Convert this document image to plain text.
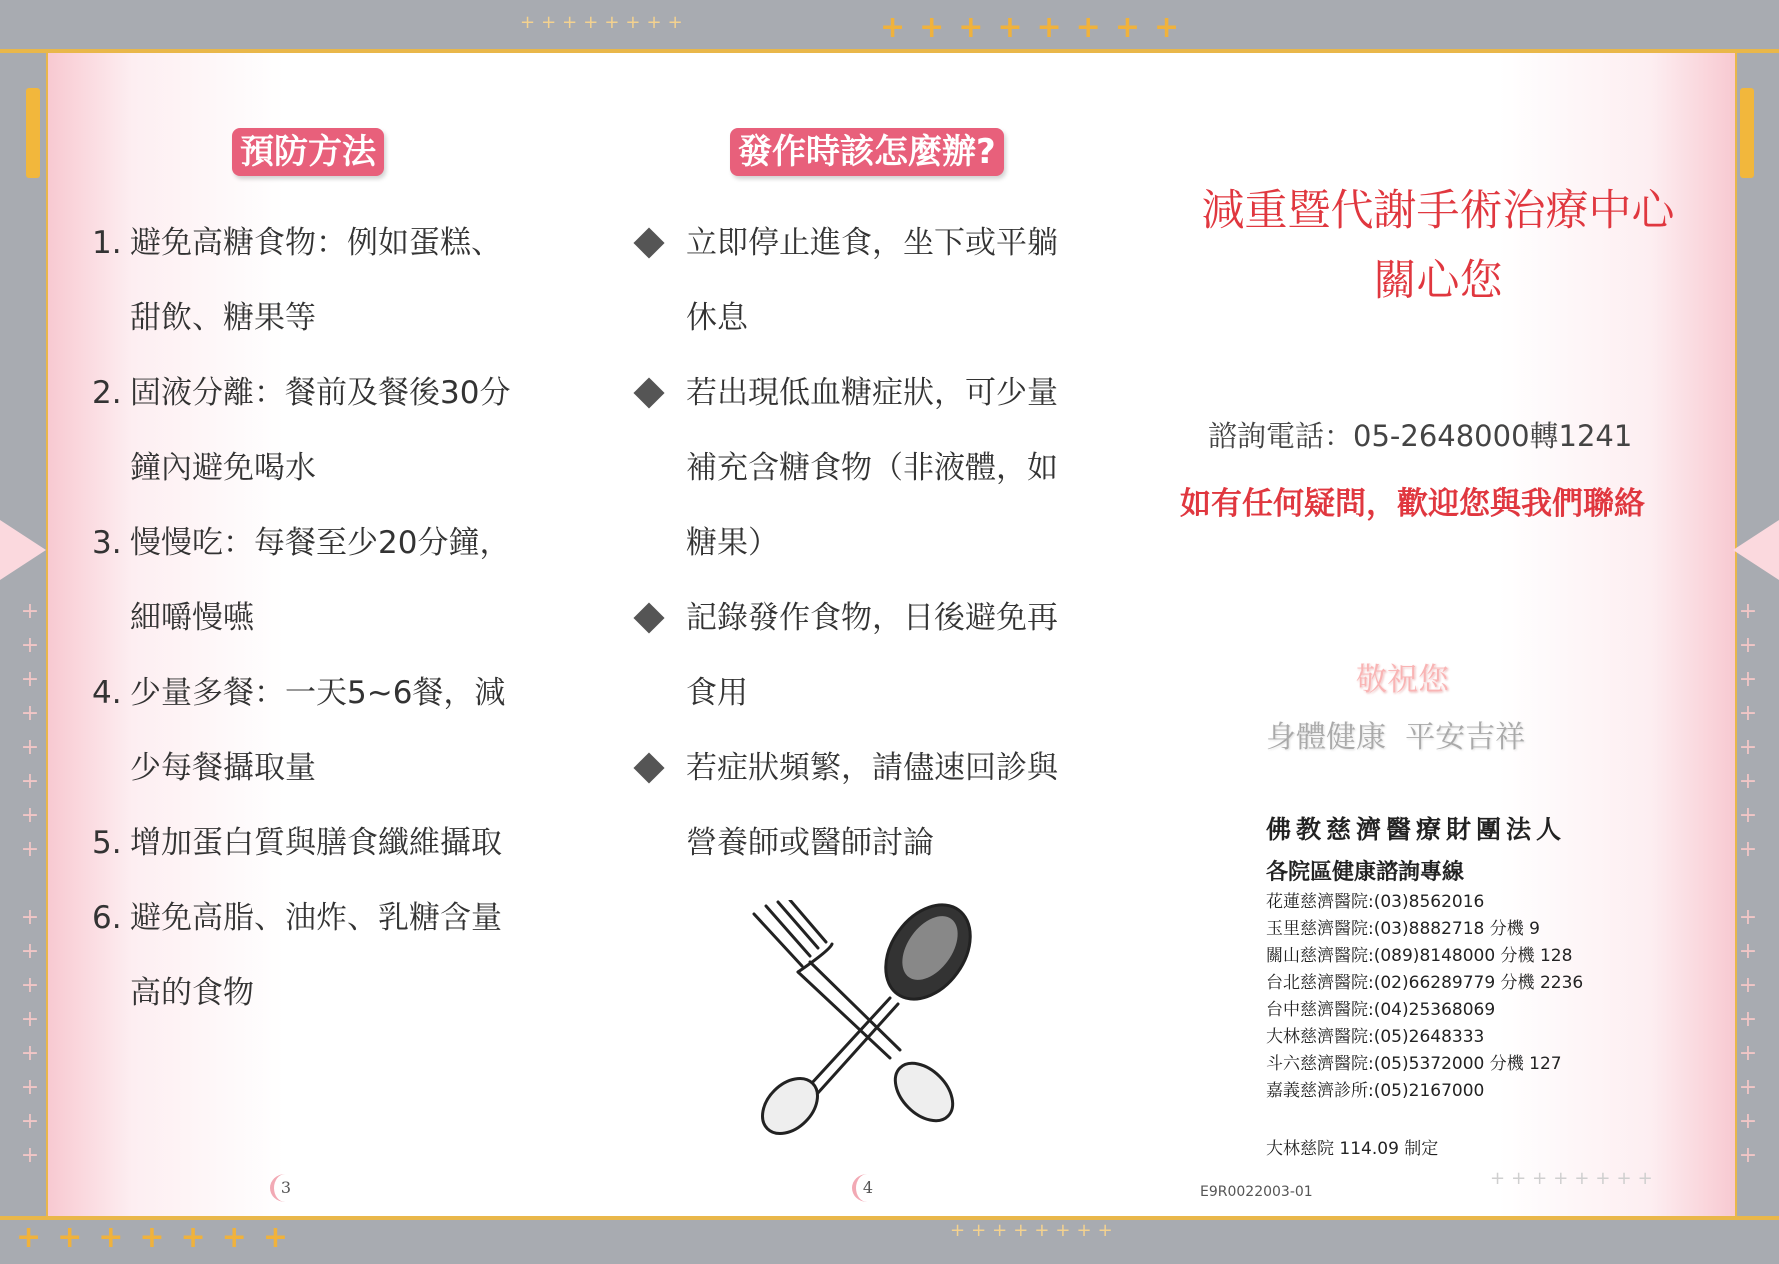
++++++++	++++++++
+++++++	++++++++
++++++++
+
+
+
+
+
+
+
+

+
+
+
+
+
+
+
+
+
+
+
+
+
+
+
+

+
+
+
+
+
+
+
+
預防方法
1. 避免高糖食物：例如蛋糕、
甜飲、糖果等
2. 固液分離：餐前及餐後30分
鐘內避免喝水
3. 慢慢吃：每餐至少20分鐘，
細嚼慢嚥
4. 少量多餐：一天5~6餐，減
少每餐攝取量
5. 增加蛋白質與膳食纖維攝取
6. 避免高脂、油炸、乳糖含量
高的食物
3
發作時該怎麼辦?
立即停止進食，坐下或平躺
休息
若出現低血糖症狀，可少量
補充含糖食物（非液體，如
糖果）
記錄發作食物，日後避免再
食用
若症狀頻繁，請儘速回診與
營養師或醫師討論
4
減重暨代謝手術治療中心
關心您
諮詢電話：05-2648000轉1241
如有任何疑問，歡迎您與我們聯絡
敬祝您
身體健康  平安吉祥
佛教慈濟醫療財團法人
各院區健康諮詢專線
花蓮慈濟醫院:(03)8562016
玉里慈濟醫院:(03)8882718 分機 9
關山慈濟醫院:(089)8148000 分機 128
台北慈濟醫院:(02)66289779 分機 2236
台中慈濟醫院:(04)25368069
大林慈濟醫院:(05)2648333
斗六慈濟醫院:(05)5372000 分機 127
嘉義慈濟診所:(05)2167000
大林慈院 114.09 制定
E9R0022003-01
